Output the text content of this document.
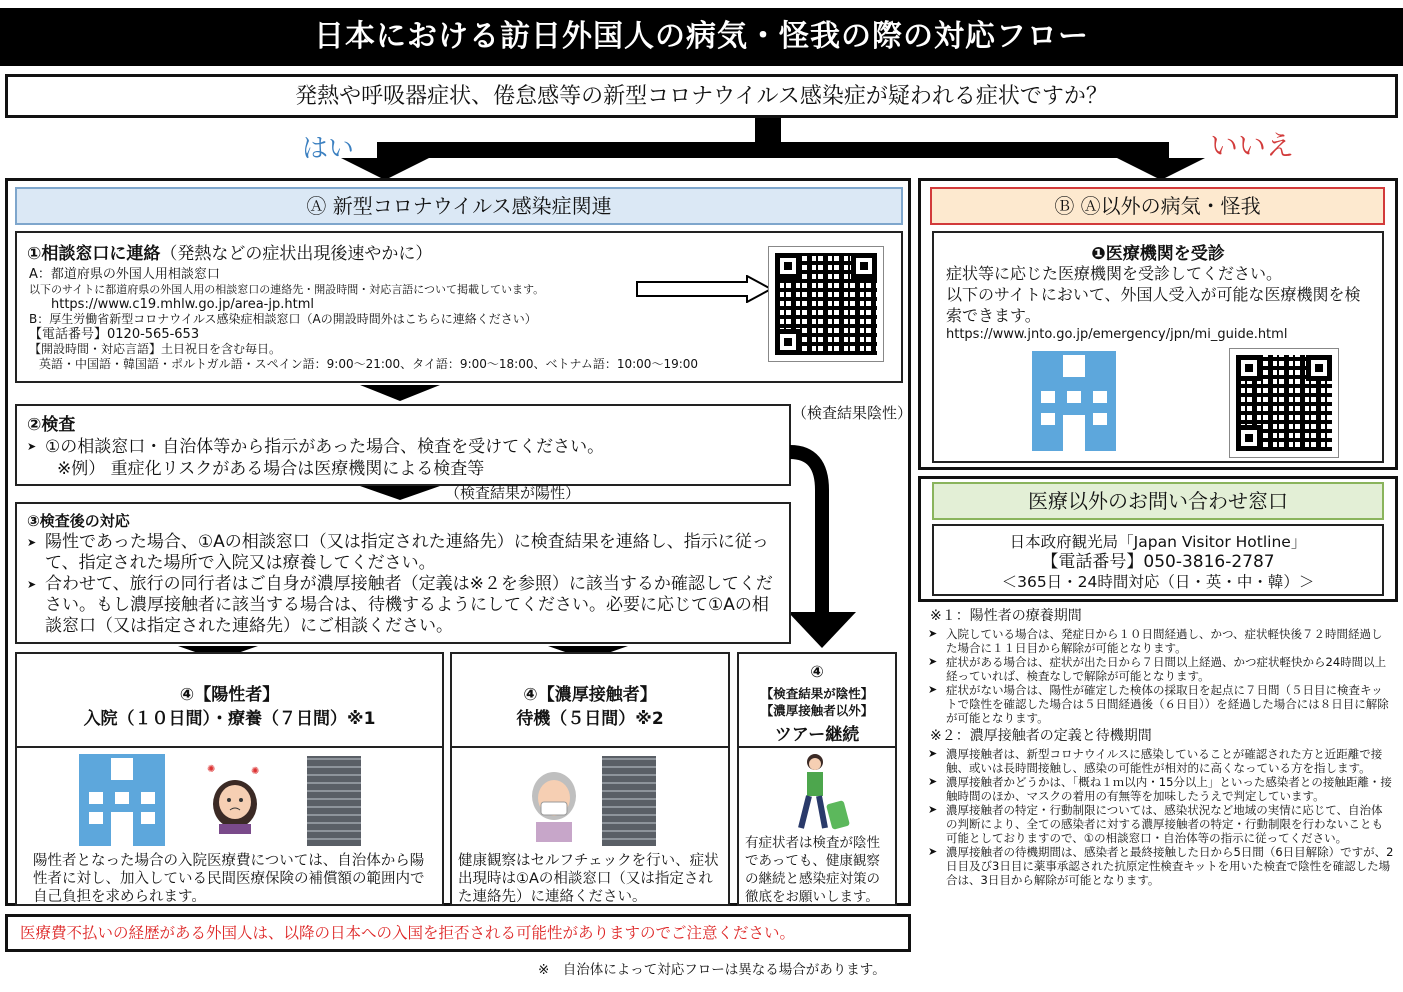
日本における訪日外国人の病気・怪我の際の対応フロー
発熱や呼吸器症状、倦怠感等の新型コロナウイルス感染症が疑われる症状ですか？
はい	いいえ
Ⓐ 新型コロナウイルス感染症関連
①相談窓口に連絡（発熱などの症状出現後速やかに）
A：都道府県の外国人用相談窓口
以下のサイトに都道府県の外国人用の相談窓口の連絡先・開設時間・対応言語について掲載しています。
https://www.c19.mhlw.go.jp/area-jp.html
B：厚生労働省新型コロナウイルス感染症相談窓口（Aの開設時間外はこちらに連絡ください）
【電話番号】0120-565-653
【開設時間・対応言語】土日祝日を含む毎日。
英語・中国語・韓国語・ポルトガル語・スペイン語：9:00～21:00、タイ語：9:00～18:00、ベトナム語：10:00～19:00
②検査
➤ ①の相談窓口・自治体等から指示があった場合、検査を受けてください。
※例） 重症化リスクがある場合は医療機関による検査等
（検査結果陰性）
（検査結果が陽性）
③検査後の対応
➤ 陽性であった場合、①Aの相談窓口（又は指定された連絡先）に検査結果を連絡し、指示に従って、指定された場所で入院又は療養してください。
➤ 合わせて、旅行の同行者はご自身が濃厚接触者（定義は※２を参照）に該当するか確認してください。もし濃厚接触者に該当する場合は、待機するようにしてください。必要に応じて①Aの相談窓口（又は指定された連絡先）にご相談ください。
④【陽性者】
入院（１０日間）・療養（７日間）※1
✺	✺
陽性者となった場合の入院医療費については、自治体から陽性者に対し、加入している民間医療保険の補償額の範囲内で自己負担を求められます。
④【濃厚接触者】
待機（５日間）※2
健康観察はセルフチェックを行い、症状出現時は①Aの相談窓口（又は指定された連絡先）に連絡ください。
④
【検査結果が陰性】
【濃厚接触者以外】
ツアー継続
有症状者は検査が陰性であっても、健康観察の継続と感染症対策の徹底をお願いします。
医療費不払いの経歴がある外国人は、以降の日本への入国を拒否される可能性がありますのでご注意ください。
※　自治体によって対応フローは異なる場合があります。
Ⓑ Ⓐ以外の病気・怪我
❶医療機関を受診
症状等に応じた医療機関を受診してください。
以下のサイトにおいて、外国人受入が可能な医療機関を検索できます。
https://www.jnto.go.jp/emergency/jpn/mi_guide.html
医療以外のお問い合わせ窓口
日本政府観光局「Japan Visitor Hotline」
【電話番号】050-3816-2787
＜365日・24時間対応（日・英・中・韓）＞
※１：陽性者の療養期間
➤ 入院している場合は、発症日から１０日間経過し、かつ、症状軽快後７２時間経過した場合に１１日目から解除が可能となります。
➤ 症状がある場合は、症状が出た日から７日間以上経過、かつ症状軽快から24時間以上経っていれば、検査なしで解除が可能となります。
➤ 症状がない場合は、陽性が確定した検体の採取日を起点に７日間（５日目に検査キットで陰性を確認した場合は５日間経過後（６日目））を経過した場合には８日目に解除が可能となります。
※２：濃厚接触者の定義と待機期間
➤ 濃厚接触者は、新型コロナウイルスに感染していることが確認された方と近距離で接触、或いは長時間接触し、感染の可能性が相対的に高くなっている方を指します。
➤ 濃厚接触者かどうかは、「概ね１ｍ以内・15分以上」といった感染者との接触距離・接触時間のほか、マスクの着用の有無等を加味したうえで判定しています。
➤ 濃厚接触者の特定・行動制限については、感染状況など地域の実情に応じて、自治体の判断により、全ての感染者に対する濃厚接触者の特定・行動制限を行わないことも可能としておりますので、①の相談窓口・自治体等の指示に従ってください。
➤ 濃厚接触者の待機期間は、感染者と最終接触した日から5日間（6日目解除）ですが、2日目及び3日目に薬事承認された抗原定性検査キットを用いた検査で陰性を確認した場合は、3日目から解除が可能となります。
